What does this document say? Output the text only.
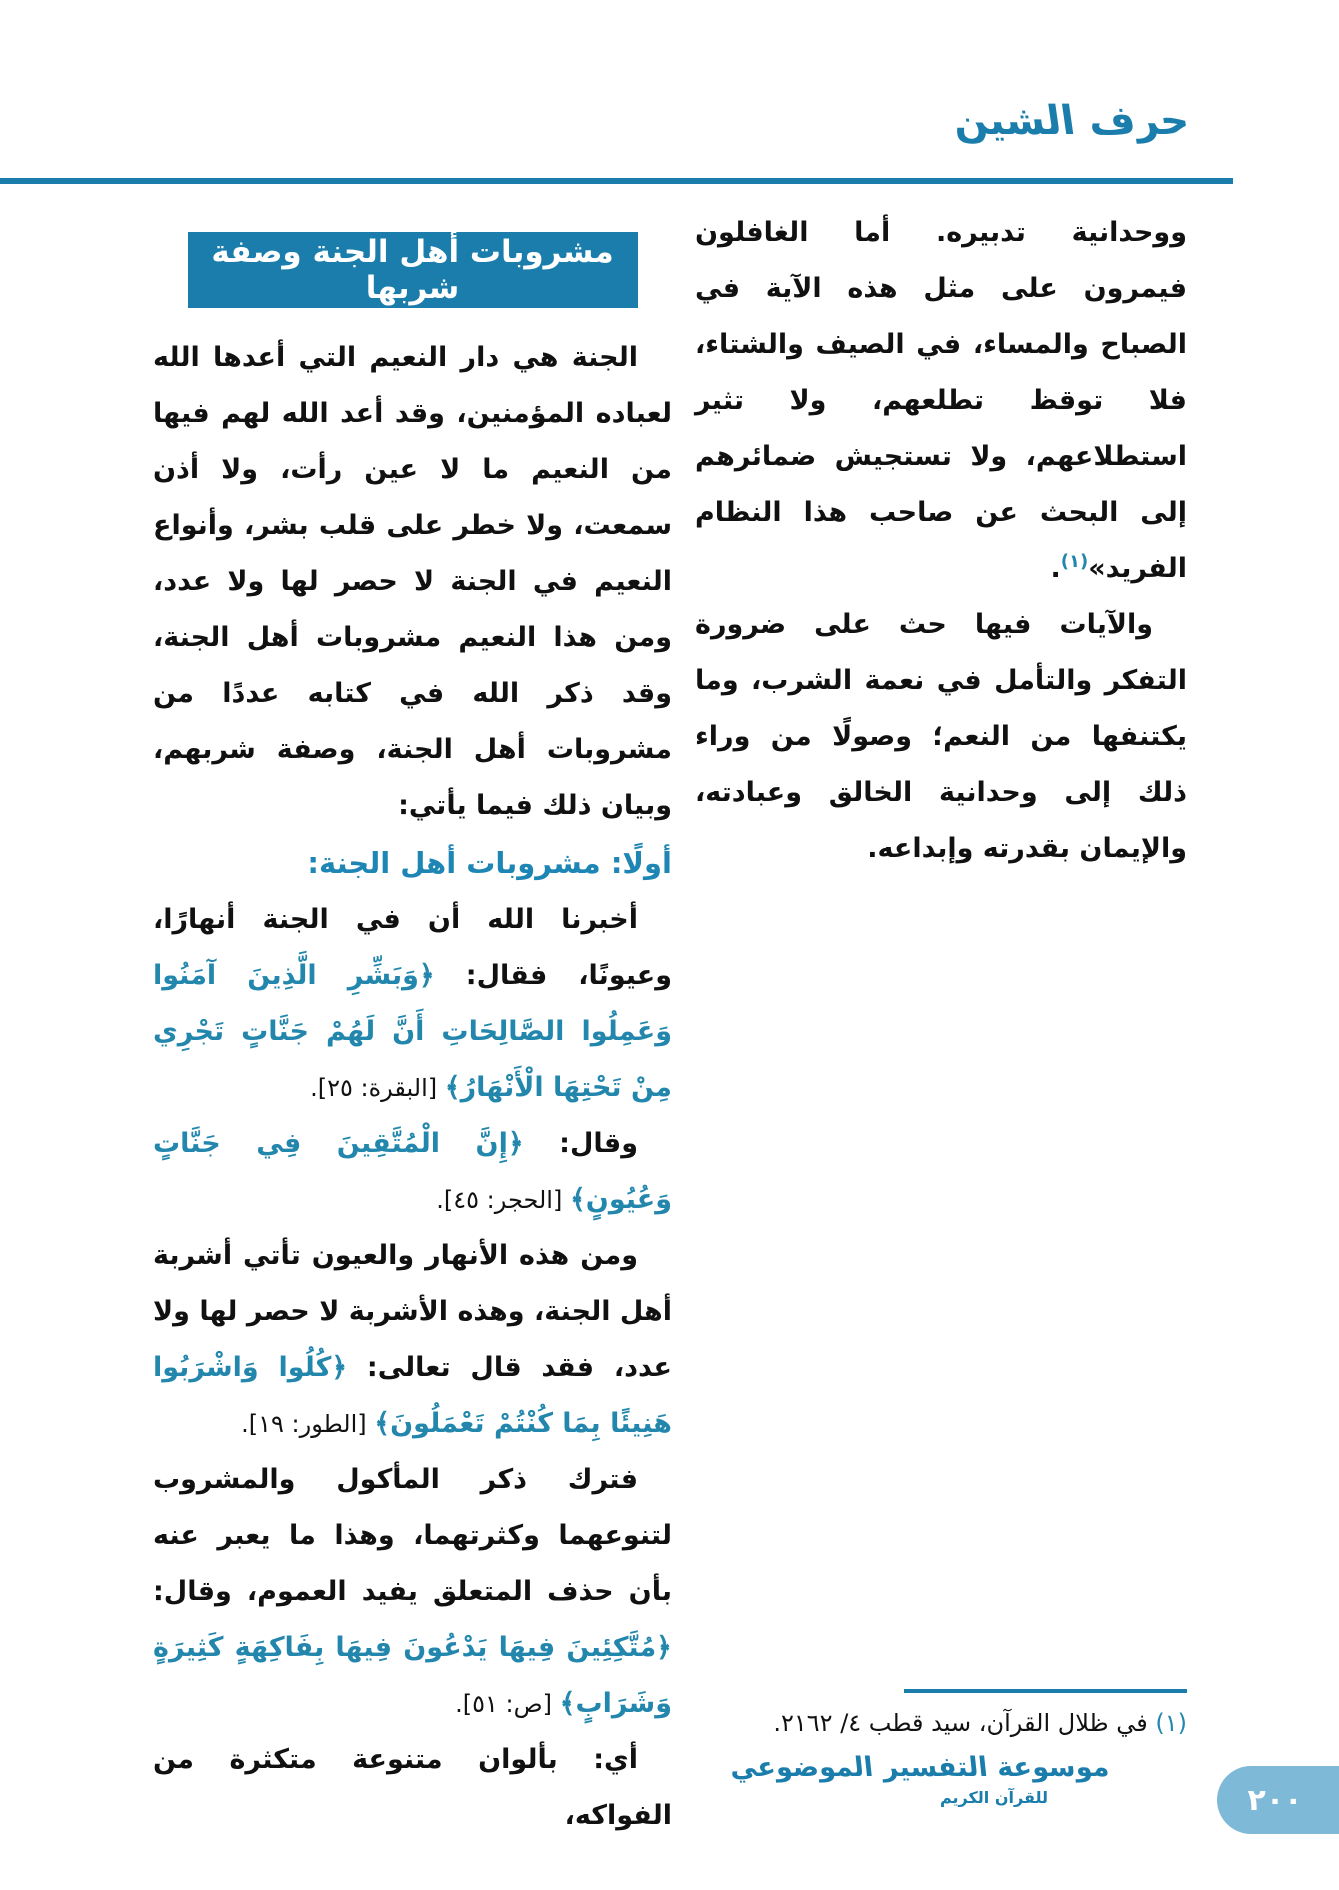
حرف الشين

ووحدانية تدبيره. أما الغافلون فيمرون على مثل هذه الآية في الصباح والمساء، في الصيف والشتاء، فلا توقظ تطلعهم، ولا تثير استطلاعهم، ولا تستجيش ضمائرهم إلى البحث عن صاحب هذا النظام الفريد»$^{(١)}$.

والآيات فيها حث على ضرورة التفكر والتأمل في نعمة الشرب، وما يكتنفها من النعم؛ وصولًا من وراء ذلك إلى وحدانية الخالق وعبادته، والإيمان بقدرته وإبداعه.

مشروبات أهل الجنة وصفة شربها

الجنة هي دار النعيم التي أعدها الله لعباده المؤمنين، وقد أعد الله لهم فيها من النعيم ما لا عين رأت، ولا أذن سمعت، ولا خطر على قلب بشر، وأنواع النعيم في الجنة لا حصر لها ولا عدد، ومن هذا النعيم مشروبات أهل الجنة، وقد ذكر الله في كتابه عددًا من مشروبات أهل الجنة، وصفة شربهم، وبيان ذلك فيما يأتي:

أولًا: مشروبات أهل الجنة:

أخبرنا الله أن في الجنة أنهارًا، وعيونًا، فقال: ﴿وَبَشِّرِ الَّذِينَ آمَنُوا وَعَمِلُوا الصَّالِحَاتِ أَنَّ لَهُمْ جَنَّاتٍ تَجْرِي مِنْ تَحْتِهَا الْأَنْهَارُ﴾ [البقرة: ٢٥].

وقال: ﴿إِنَّ الْمُتَّقِينَ فِي جَنَّاتٍ وَعُيُونٍ﴾ [الحجر: ٤٥].

ومن هذه الأنهار والعيون تأتي أشربة أهل الجنة، وهذه الأشربة لا حصر لها ولا عدد، فقد قال تعالى: ﴿كُلُوا وَاشْرَبُوا هَنِيئًا بِمَا كُنْتُمْ تَعْمَلُونَ﴾ [الطور: ١٩].

فترك ذكر المأكول والمشروب لتنوعهما وكثرتهما، وهذا ما يعبر عنه بأن حذف المتعلق يفيد العموم، وقال: ﴿مُتَّكِئِينَ فِيهَا يَدْعُونَ فِيهَا بِفَاكِهَةٍ كَثِيرَةٍ وَشَرَابٍ﴾ [ص: ٥١].

أي: بألوان متنوعة متكثرة من الفواكه،

(١) في ظلال القرآن، سيد قطب ٤/ ٢١٦٢.
موسوعة التفسير الموضوعي
للقرآن الكريم	٢٠٠
